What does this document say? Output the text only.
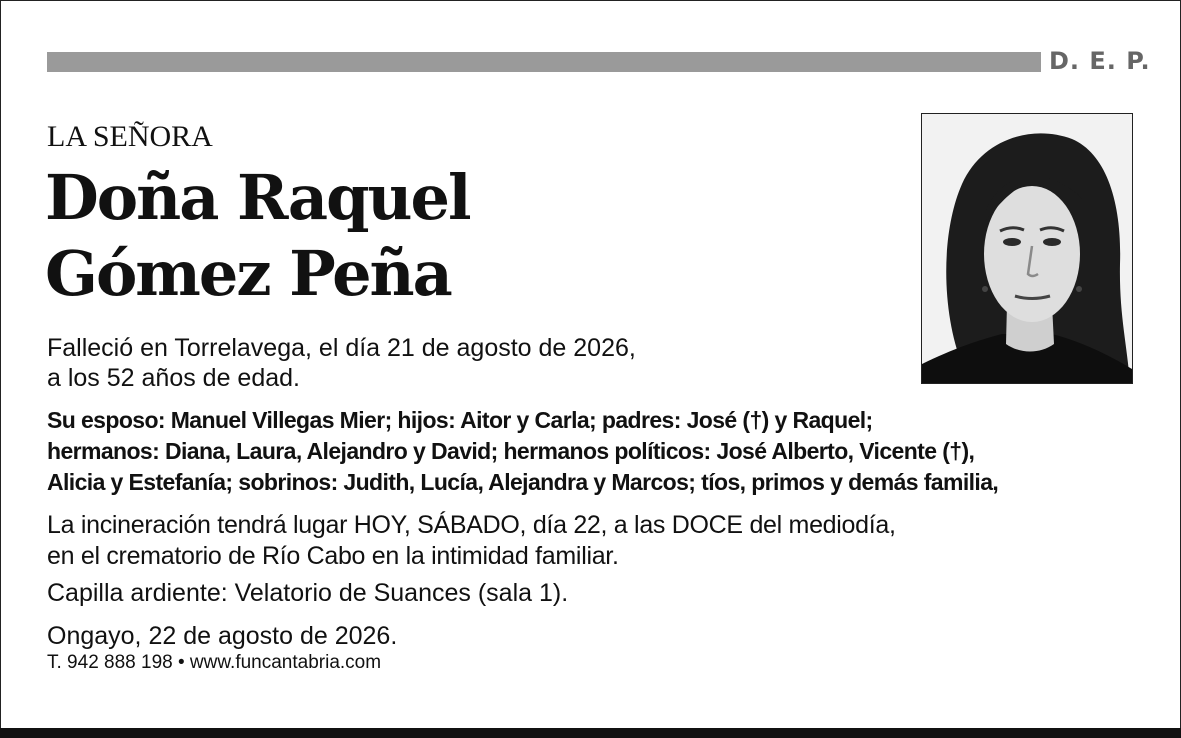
D. E. P.
LA SEÑORA
Doña Raquel
Gómez Peña
Falleció en Torrelavega, el día 21 de agosto de 2026,
a los 52 años de edad.
Su esposo: Manuel Villegas Mier; hijos: Aitor y Carla; padres: José (†) y Raquel;
hermanos: Diana, Laura, Alejandro y David; hermanos políticos: José Alberto, Vicente (†),
Alicia y Estefanía; sobrinos: Judith, Lucía, Alejandra y Marcos; tíos, primos y demás familia,
La incineración tendrá lugar HOY, SÁBADO, día 22, a las DOCE del mediodía,
en el crematorio de Río Cabo en la intimidad familiar.
Capilla ardiente: Velatorio de Suances (sala 1).
Ongayo, 22 de agosto de 2026.
T. 942 888 198 • www.funcantabria.com
